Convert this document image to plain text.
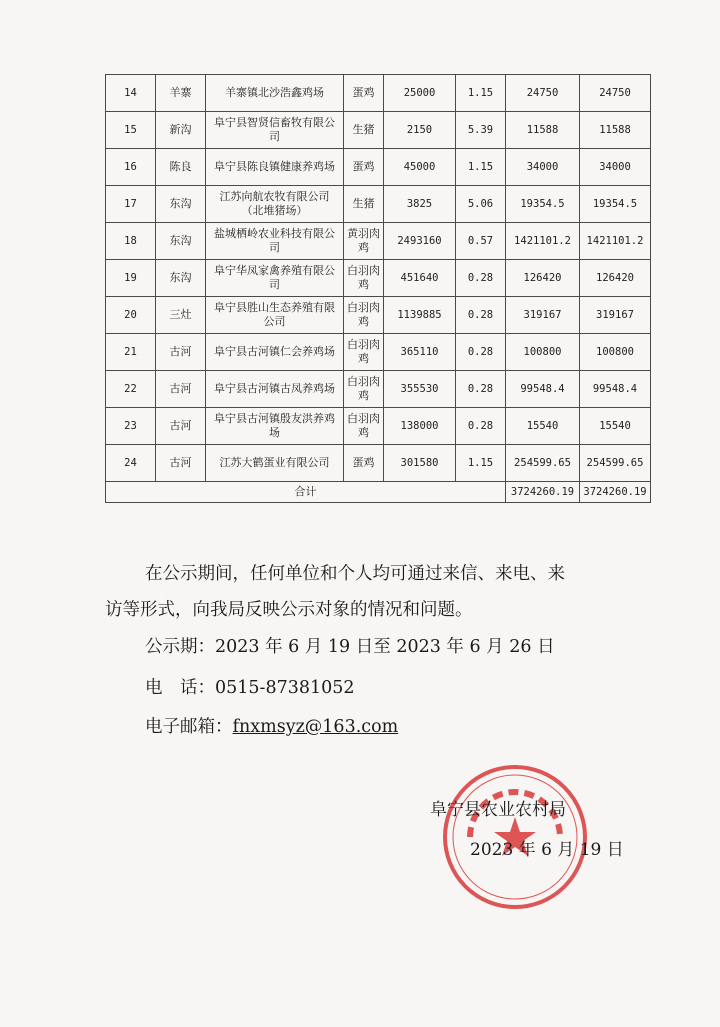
14	羊寨	羊寨镇北沙浩鑫鸡场	蛋鸡	25000	1.15	24750	24750
15	新沟	阜宁县智贤信畜牧有限公司	生猪	2150	5.39	11588	11588
16	陈良	阜宁县陈良镇健康养鸡场	蛋鸡	45000	1.15	34000	34000
17	东沟	江苏向航农牧有限公司（北堆猪场）	生猪	3825	5.06	19354.5	19354.5
18	东沟	盐城栖岭农业科技有限公司	黄羽肉鸡	2493160	0.57	1421101.2	1421101.2
19	东沟	阜宁华凤家禽养殖有限公司	白羽肉鸡	451640	0.28	126420	126420
20	三灶	阜宁县胜山生态养殖有限公司	白羽肉鸡	1139885	0.28	319167	319167
21	古河	阜宁县古河镇仁会养鸡场	白羽肉鸡	365110	0.28	100800	100800
22	古河	阜宁县古河镇古凤养鸡场	白羽肉鸡	355530	0.28	99548.4	99548.4
23	古河	阜宁县古河镇殷友洪养鸡场	白羽肉鸡	138000	0.28	15540	15540
24	古河	江苏大鹤蛋业有限公司	蛋鸡	301580	1.15	254599.65	254599.65
合计						3724260.19	3724260.19
在公示期间，任何单位和个人均可通过来信、来电、来
访等形式，向我局反映公示对象的情况和问题。
公示期：2023 年 6 月 19 日至 2023 年 6 月 26 日
电　话：0515-87381052
电子邮箱：fnxmsyz@163.com
阜宁县农业农村局
2023 年 6 月 19 日
